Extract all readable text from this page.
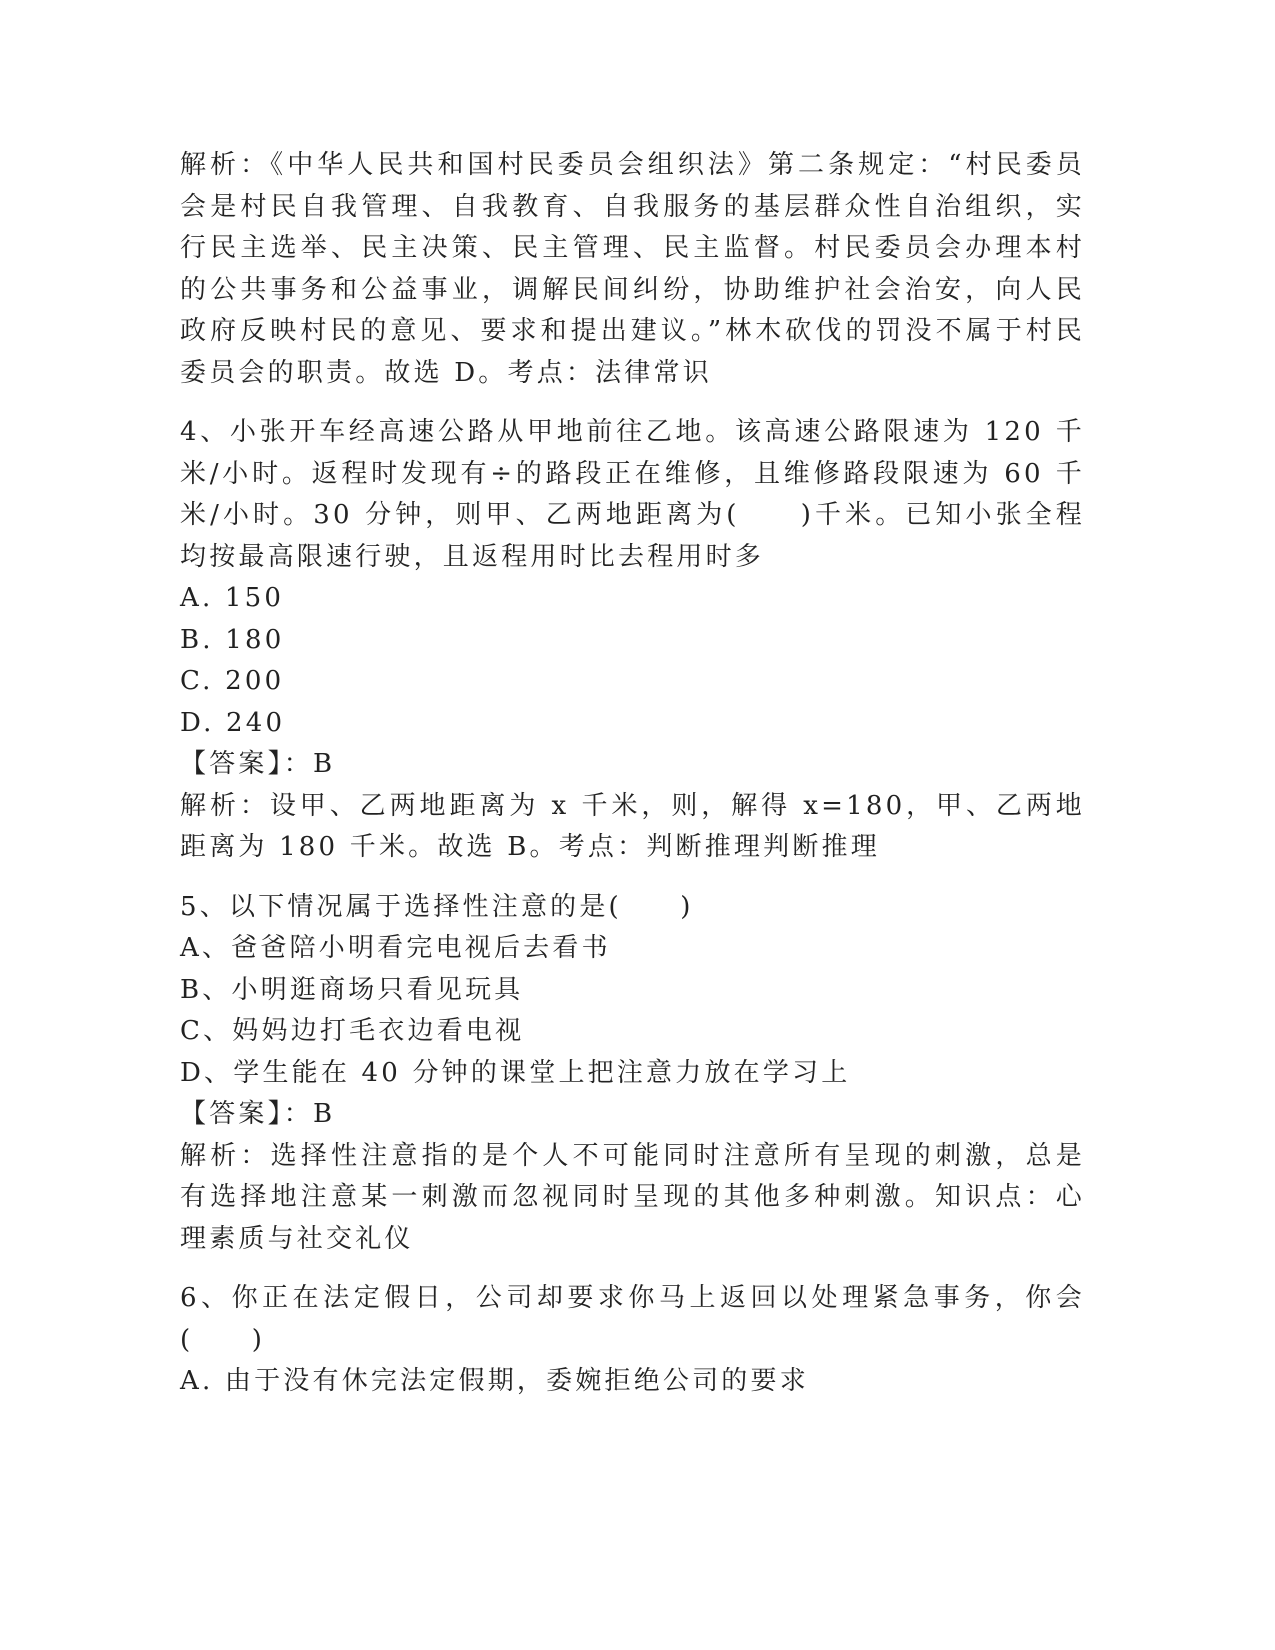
解析：《中华人民共和国村民委员会组织法》第二条规定：“村民委员会是村民自我管理、自我教育、自我服务的基层群众性自治组织，实行民主选举、民主决策、民主管理、民主监督。村民委员会办理本村的公共事务和公益事业，调解民间纠纷，协助维护社会治安，向人民政府反映村民的意见、要求和提出建议。”林木砍伐的罚没不属于村民委员会的职责。故选 D。考点：法律常识

4、小张开车经高速公路从甲地前往乙地。该高速公路限速为 120 千米/小时。返程时发现有÷的路段正在维修，且维修路段限速为 60 千米/小时。30 分钟，则甲、乙两地距离为(　　)千米。已知小张全程均按最高限速行驶，且返程用时比去程用时多

A. 150

B. 180

C. 200

D. 240

【答案】：B

解析：设甲、乙两地距离为 x 千米，则，解得 x=180，甲、乙两地距离为 180 千米。故选 B。考点：判断推理判断推理

5、以下情况属于选择性注意的是(　　)

A、爸爸陪小明看完电视后去看书

B、小明逛商场只看见玩具

C、妈妈边打毛衣边看电视

D、学生能在 40 分钟的课堂上把注意力放在学习上

【答案】：B

解析：选择性注意指的是个人不可能同时注意所有呈现的刺激，总是有选择地注意某一刺激而忽视同时呈现的其他多种刺激。知识点：心理素质与社交礼仪

6、你正在法定假日，公司却要求你马上返回以处理紧急事务，你会(　　)

A. 由于没有休完法定假期，委婉拒绝公司的要求
